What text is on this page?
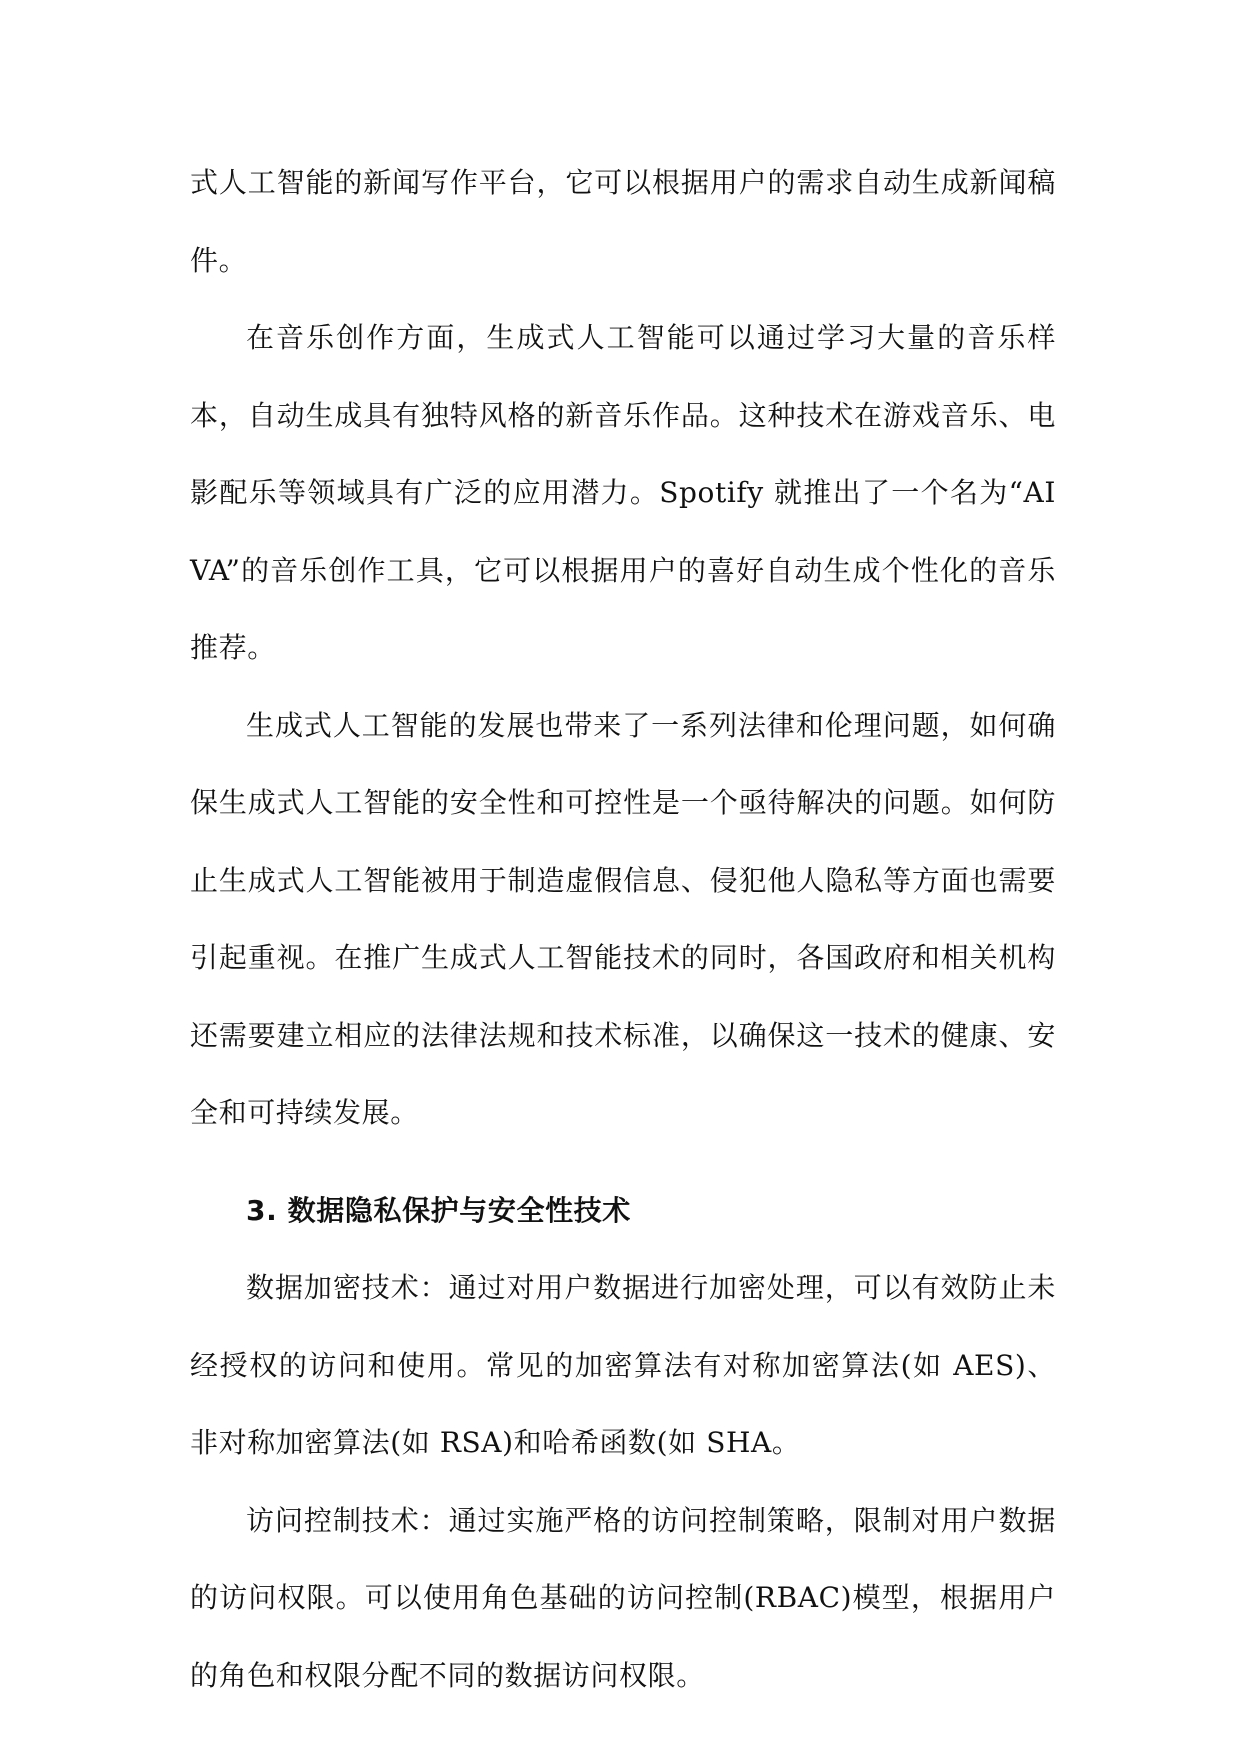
式人工智能的新闻写作平台，它可以根据用户的需求自动生成新闻稿件。

在音乐创作方面，生成式人工智能可以通过学习大量的音乐样本，自动生成具有独特风格的新音乐作品。这种技术在游戏音乐、电影配乐等领域具有广泛的应用潜力。Spotify 就推出了一个名为“AIVA”的音乐创作工具，它可以根据用户的喜好自动生成个性化的音乐推荐。

生成式人工智能的发展也带来了一系列法律和伦理问题，如何确保生成式人工智能的安全性和可控性是一个亟待解决的问题。如何防止生成式人工智能被用于制造虚假信息、侵犯他人隐私等方面也需要引起重视。在推广生成式人工智能技术的同时，各国政府和相关机构还需要建立相应的法律法规和技术标准，以确保这一技术的健康、安全和可持续发展。

3. 数据隐私保护与安全性技术

数据加密技术：通过对用户数据进行加密处理，可以有效防止未经授权的访问和使用。常见的加密算法有对称加密算法(如 AES)、非对称加密算法(如 RSA)和哈希函数(如 SHA。

访问控制技术：通过实施严格的访问控制策略，限制对用户数据的访问权限。可以使用角色基础的访问控制(RBAC)模型，根据用户的角色和权限分配不同的数据访问权限。
